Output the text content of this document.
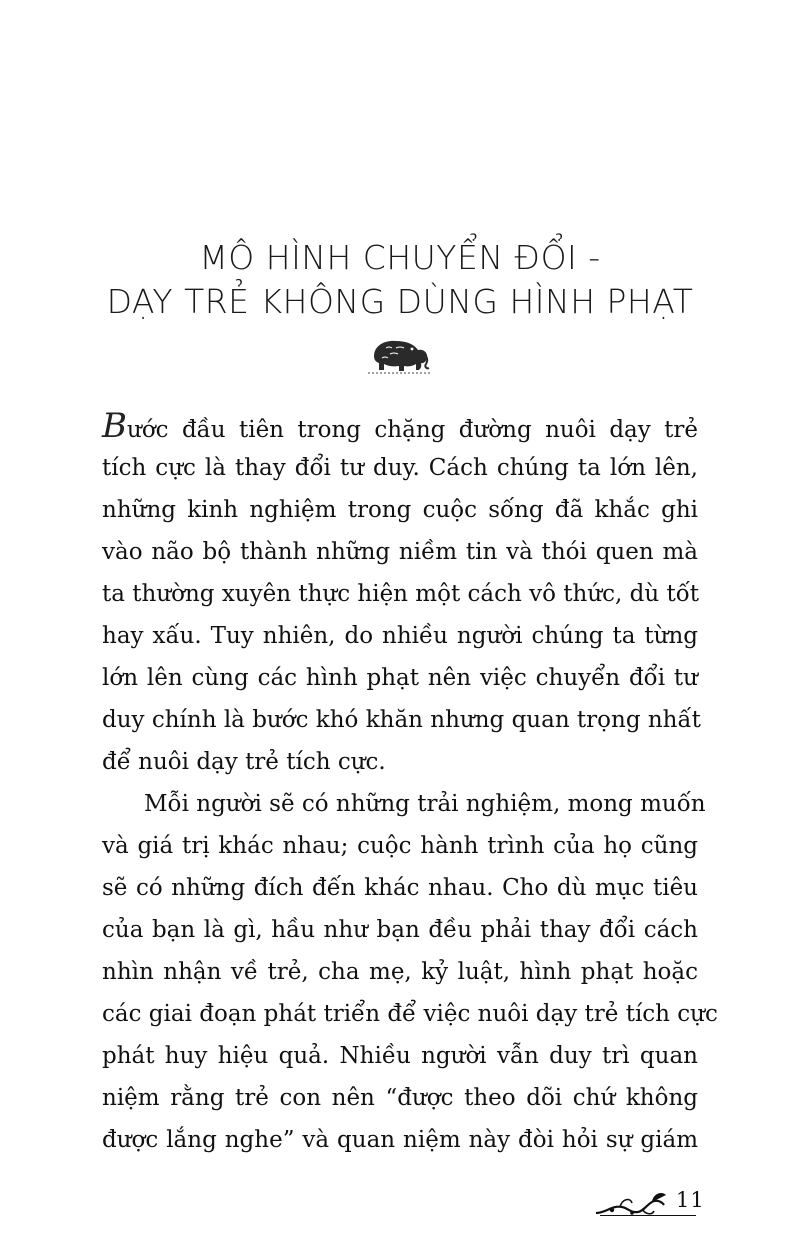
MÔ HÌNH CHUYỂN ĐỔI -
DẠY TRẺ KHÔNG DÙNG HÌNH PHẠT
Bước đầu tiên trong chặng đường nuôi dạy trẻ
tích cực là thay đổi tư duy. Cách chúng ta lớn lên,
những kinh nghiệm trong cuộc sống đã khắc ghi
vào não bộ thành những niềm tin và thói quen mà
ta thường xuyên thực hiện một cách vô thức, dù tốt
hay xấu. Tuy nhiên, do nhiều người chúng ta từng
lớn lên cùng các hình phạt nên việc chuyển đổi tư
duy chính là bước khó khăn nhưng quan trọng nhất
để nuôi dạy trẻ tích cực.
Mỗi người sẽ có những trải nghiệm, mong muốn
và giá trị khác nhau; cuộc hành trình của họ cũng
sẽ có những đích đến khác nhau. Cho dù mục tiêu
của bạn là gì, hầu như bạn đều phải thay đổi cách
nhìn nhận về trẻ, cha mẹ, kỷ luật, hình phạt hoặc
các giai đoạn phát triển để việc nuôi dạy trẻ tích cực
phát huy hiệu quả. Nhiều người vẫn duy trì quan
niệm rằng trẻ con nên “được theo dõi chứ không
được lắng nghe” và quan niệm này đòi hỏi sự giám
11
